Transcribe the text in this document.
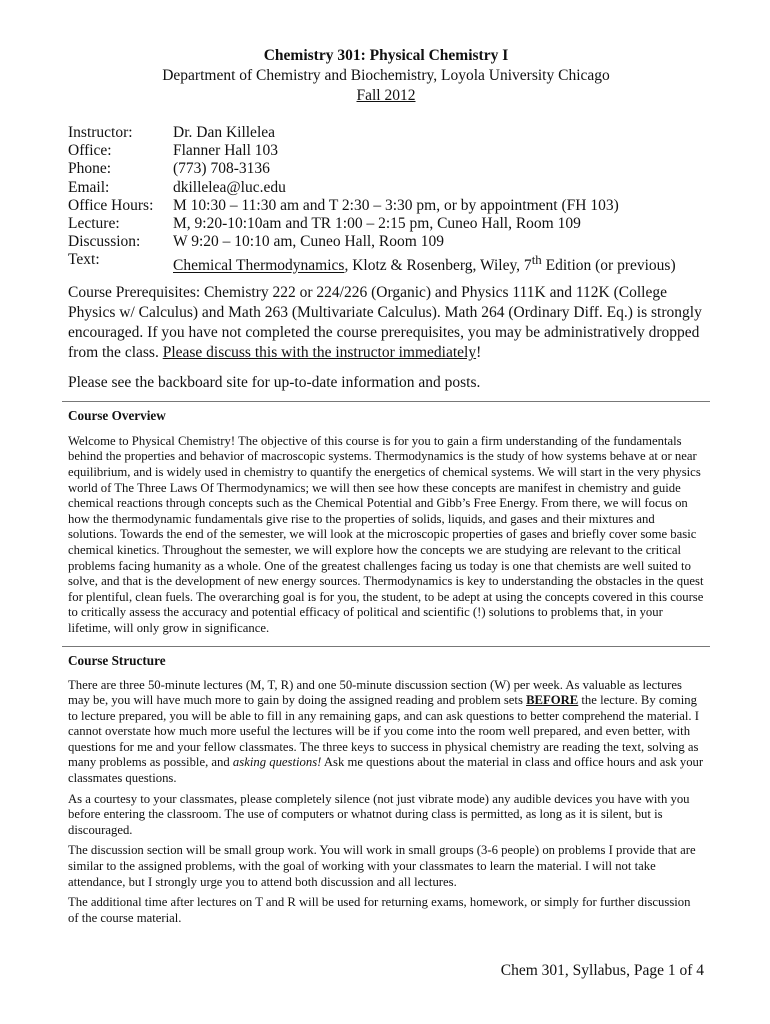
Chemistry 301: Physical Chemistry I
Department of Chemistry and Biochemistry, Loyola University Chicago
Fall 2012
Instructor:	Dr. Dan Killelea
Office:	Flanner Hall 103
Phone:	(773) 708-3136
Email:	dkillelea@luc.edu
Office Hours:	M 10:30 – 11:30 am and T 2:30 – 3:30 pm, or by appointment (FH 103)
Lecture:	M, 9:20-10:10am and TR 1:00 – 2:15 pm, Cuneo Hall, Room 109
Discussion:	W 9:20 – 10:10 am, Cuneo Hall, Room 109
Text:	Chemical Thermodynamics, Klotz & Rosenberg, Wiley, 7th Edition (or previous)
Course Prerequisites: Chemistry 222 or 224/226 (Organic) and Physics 111K and 112K (College Physics w/ Calculus) and Math 263 (Multivariate Calculus). Math 264 (Ordinary Diff. Eq.) is strongly encouraged. If you have not completed the course prerequisites, you may be administratively dropped from the class. Please discuss this with the instructor immediately!
Please see the backboard site for up-to-date information and posts.
Course Overview
Welcome to Physical Chemistry! The objective of this course is for you to gain a firm understanding of the fundamentals behind the properties and behavior of macroscopic systems. Thermodynamics is the study of how systems behave at or near equilibrium, and is widely used in chemistry to quantify the energetics of chemical systems. We will start in the very physics world of The Three Laws Of Thermodynamics; we will then see how these concepts are manifest in chemistry and guide chemical reactions through concepts such as the Chemical Potential and Gibb’s Free Energy. From there, we will focus on how the thermodynamic fundamentals give rise to the properties of solids, liquids, and gases and their mixtures and solutions. Towards the end of the semester, we will look at the microscopic properties of gases and briefly cover some basic chemical kinetics. Throughout the semester, we will explore how the concepts we are studying are relevant to the critical problems facing humanity as a whole. One of the greatest challenges facing us today is one that chemists are well suited to solve, and that is the development of new energy sources. Thermodynamics is key to understanding the obstacles in the quest for plentiful, clean fuels. The overarching goal is for you, the student, to be adept at using the concepts covered in this course to critically assess the accuracy and potential efficacy of political and scientific (!) solutions to problems that, in your lifetime, will only grow in significance.
Course Structure

There are three 50-minute lectures (M, T, R) and one 50-minute discussion section (W) per week. As valuable as lectures may be, you will have much more to gain by doing the assigned reading and problem sets BEFORE the lecture. By coming to lecture prepared, you will be able to fill in any remaining gaps, and can ask questions to better comprehend the material. I cannot overstate how much more useful the lectures will be if you come into the room well prepared, and even better, with questions for me and your fellow classmates. The three keys to success in physical chemistry are reading the text, solving as many problems as possible, and asking questions! Ask me questions about the material in class and office hours and ask your classmates questions.

As a courtesy to your classmates, please completely silence (not just vibrate mode) any audible devices you have with you before entering the classroom. The use of computers or whatnot during class is permitted, as long as it is silent, but is discouraged.

The discussion section will be small group work. You will work in small groups (3-6 people) on problems I provide that are similar to the assigned problems, with the goal of working with your classmates to learn the material. I will not take attendance, but I strongly urge you to attend both discussion and all lectures.

The additional time after lectures on T and R will be used for returning exams, homework, or simply for further discussion of the course material.

Chem 301, Syllabus, Page 1 of 4
